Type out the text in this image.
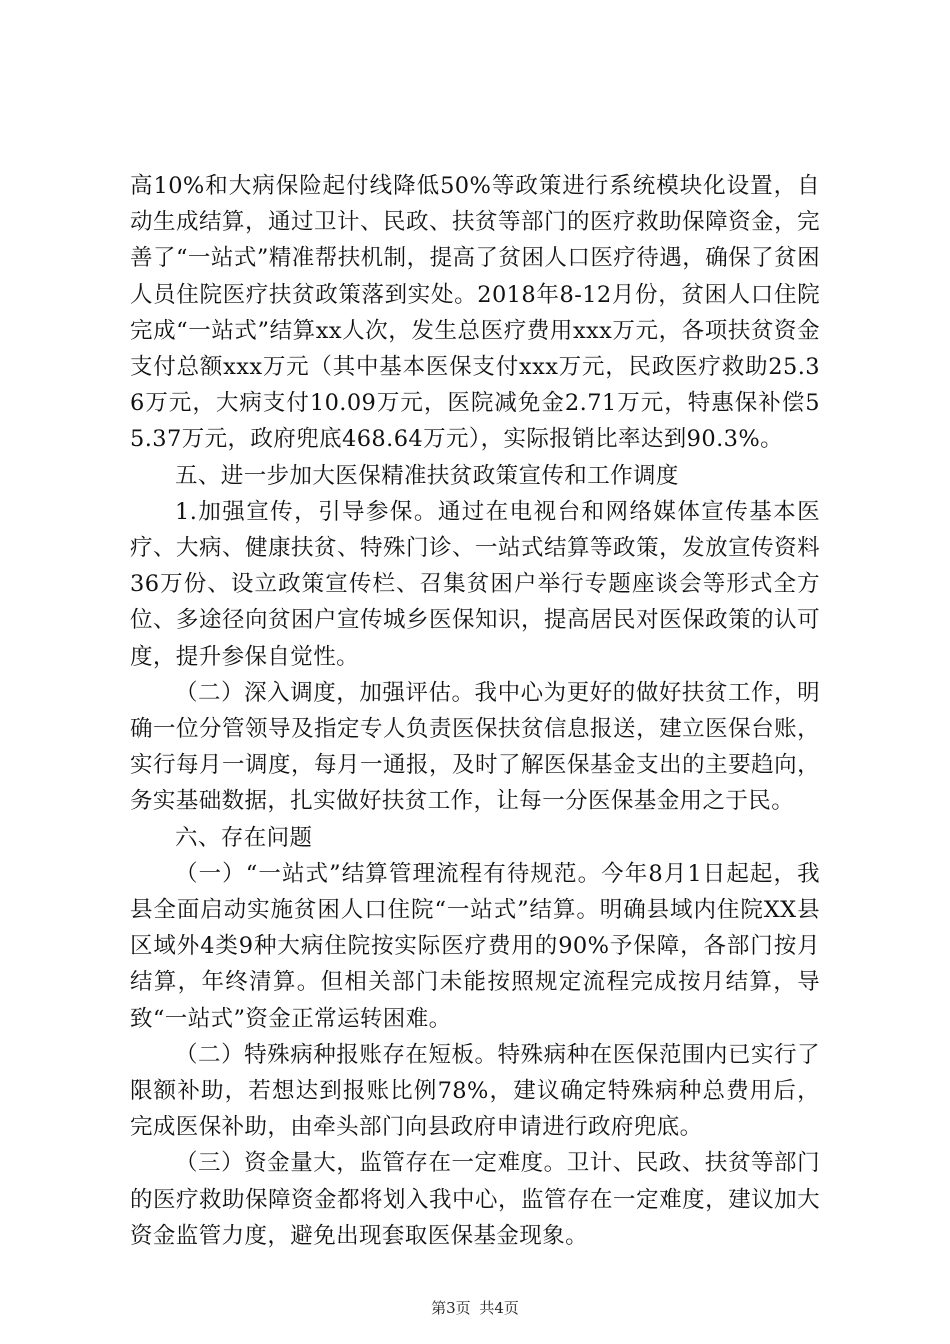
高10%和大病保险起付线降低50%等政策进行系统模块化设置，自动生成结算，通过卫计、民政、扶贫等部门的医疗救助保障资金，完善了“一站式”精准帮扶机制，提高了贫困人口医疗待遇，确保了贫困人员住院医疗扶贫政策落到实处。2018年8-12月份，贫困人口住院完成“一站式”结算xx人次，发生总医疗费用xxx万元，各项扶贫资金支付总额xxx万元（其中基本医保支付xxx万元，民政医疗救助25.36万元，大病支付10.09万元，医院减免金2.71万元，特惠保补偿55.37万元，政府兜底468.64万元），实际报销比率达到90.3%。

五、进一步加大医保精准扶贫政策宣传和工作调度

1.加强宣传，引导参保。通过在电视台和网络媒体宣传基本医疗、大病、健康扶贫、特殊门诊、一站式结算等政策，发放宣传资料36万份、设立政策宣传栏、召集贫困户举行专题座谈会等形式全方位、多途径向贫困户宣传城乡医保知识，提高居民对医保政策的认可度，提升参保自觉性。

（二）深入调度，加强评估。我中心为更好的做好扶贫工作，明确一位分管领导及指定专人负责医保扶贫信息报送，建立医保台账，实行每月一调度，每月一通报，及时了解医保基金支出的主要趋向，务实基础数据，扎实做好扶贫工作，让每一分医保基金用之于民。

六、存在问题

（一）“一站式”结算管理流程有待规范。今年8月1日起起，我县全面启动实施贫困人口住院“一站式”结算。明确县域内住院XX县区域外4类9种大病住院按实际医疗费用的90%予保障，各部门按月结算，年终清算。但相关部门未能按照规定流程完成按月结算，导致“一站式”资金正常运转困难。

（二）特殊病种报账存在短板。特殊病种在医保范围内已实行了限额补助，若想达到报账比例78%，建议确定特殊病种总费用后，完成医保补助，由牵头部门向县政府申请进行政府兜底。

（三）资金量大，监管存在一定难度。卫计、民政、扶贫等部门的医疗救助保障资金都将划入我中心，监管存在一定难度，建议加大资金监管力度，避免出现套取医保基金现象。

第3页 共4页
